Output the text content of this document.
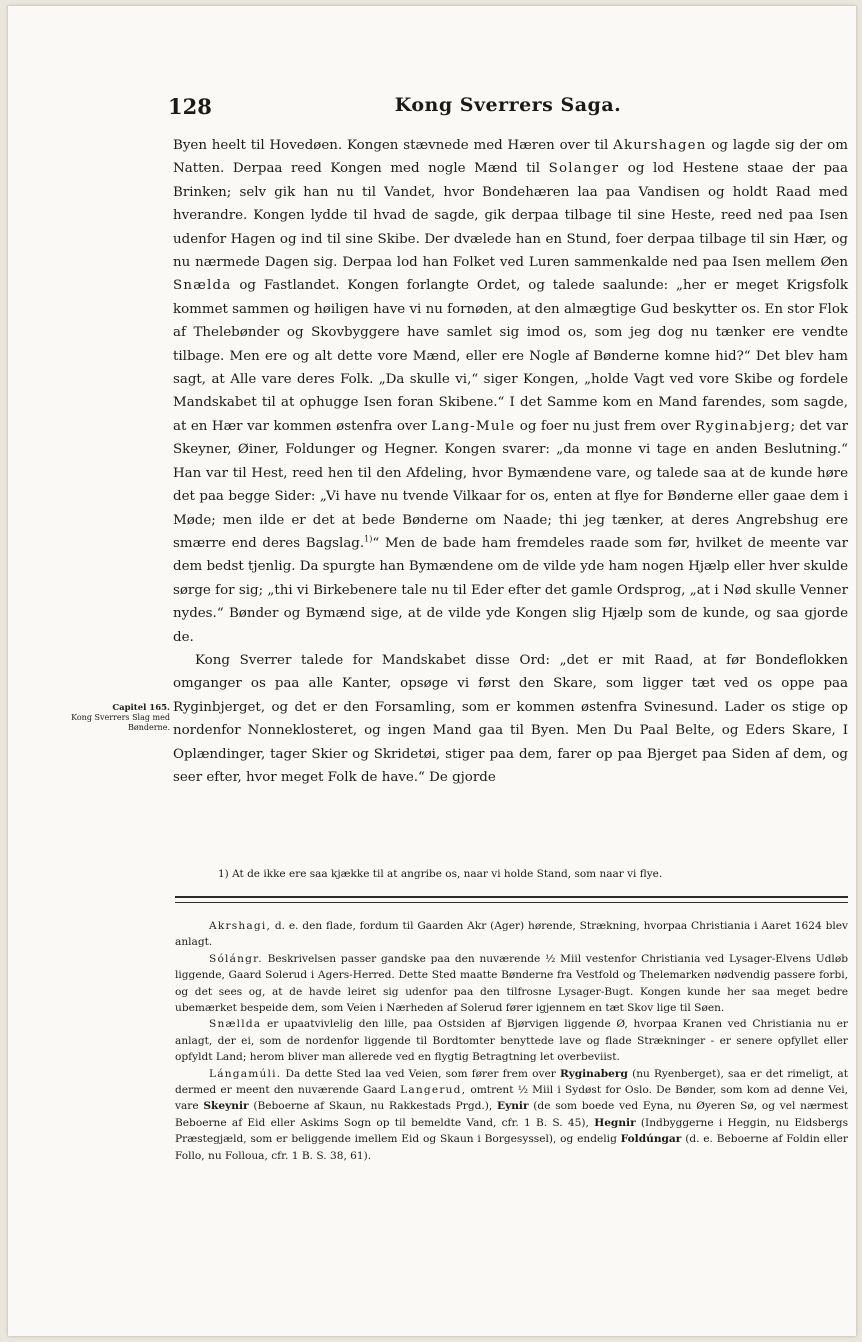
128	Kong Sverrers Saga.

Byen heelt til Hovedøen. Kongen stævnede med Hæren over til Akurshagen og lagde sig der om Natten. Derpaa reed Kongen med nogle Mænd til Solanger og lod Hestene staae der paa Brinken; selv gik han nu til Vandet, hvor Bondehæren laa paa Vandisen og holdt Raad med hverandre. Kongen lydde til hvad de sagde, gik derpaa tilbage til sine Heste, reed ned paa Isen udenfor Hagen og ind til sine Skibe. Der dvælede han en Stund, foer derpaa tilbage til sin Hær, og nu nærmede Dagen sig. Derpaa lod han Folket ved Luren sammenkalde ned paa Isen mellem Øen Snælda og Fastlandet. Kongen forlangte Ordet, og talede saalunde: „her er meget Krigsfolk kommet sammen og høiligen have vi nu fornøden, at den almægtige Gud beskytter os. En stor Flok af Thelebønder og Skovbyggere have samlet sig imod os, som jeg dog nu tænker ere vendte tilbage. Men ere og alt dette vore Mænd, eller ere Nogle af Bønderne komne hid?“ Det blev ham sagt, at Alle vare deres Folk. „Da skulle vi,“ siger Kongen, „holde Vagt ved vore Skibe og fordele Mandskabet til at ophugge Isen foran Skibene.“ I det Samme kom en Mand farendes, som sagde, at en Hær var kommen østenfra over Lang-Mule og foer nu just frem over Ryginabjerg; det var Skeyner, Øiner, Foldunger og Hegner. Kongen svarer: „da monne vi tage en anden Beslutning.“ Han var til Hest, reed hen til den Afdeling, hvor Bymændene vare, og talede saa at de kunde høre det paa begge Sider: „Vi have nu tvende Vilkaar for os, enten at flye for Bønderne eller gaae dem i Møde; men ilde er det at bede Bønderne om Naade; thi jeg tænker, at deres Angrebshug ere smærre end deres Bagslag.$^{1)}$“ Men de bade ham fremdeles raade som før, hvilket de meente var dem bedst tjenlig. Da spurgte han Bymændene om de vilde yde ham nogen Hjælp eller hver skulde sørge for sig; „thi vi Birkebenere tale nu til Eder efter det gamle Ordsprog, „at i Nød skulle Venner nydes.“ Bønder og Bymænd sige, at de vilde yde Kongen slig Hjælp som de kunde, og saa gjorde de.

Kong Sverrer talede for Mandskabet disse Ord: „det er mit Raad, at før Bondeflokken omganger os paa alle Kanter, opsøge vi først den Skare, som ligger tæt ved os oppe paa Ryginbjerget, og det er den Forsamling, som er kommen østenfra Svinesund. Lader os stige op nordenfor Nonneklosteret, og ingen Mand gaa til Byen. Men Du Paal Belte, og Eders Skare, I Oplændinger, tager Skier og Skridetøi, stiger paa dem, farer op paa Bjerget paa Siden af dem, og seer efter, hvor meget Folk de have.“ De gjorde

Capitel 165.
Kong Sverrers Slag med Bønderne.
1) At de ikke ere saa kjække til at angribe os, naar vi holde Stand, som naar vi flye.

Akrshagi, d. e. den flade, fordum til Gaarden Akr (Ager) hørende, Strækning, hvorpaa Christiania i Aaret 1624 blev anlagt.

Sólángr. Beskrivelsen passer gandske paa den nuværende ½ Miil vestenfor Christiania ved Lysager-Elvens Udløb liggende, Gaard Solerud i Agers-Herred. Dette Sted maatte Bønderne fra Vestfold og Thelemarken nødvendig passere forbi, og det sees og, at de havde leiret sig udenfor paa den tilfrosne Lysager-Bugt. Kongen kunde her saa meget bedre ubemærket bespeide dem, som Veien i Nærheden af Solerud fører igjennem en tæt Skov lige til Søen.

Snællda er upaatvivlelig den lille, paa Ostsiden af Bjørvigen liggende Ø, hvorpaa Kranen ved Christiania nu er anlagt, der ei, som de nordenfor liggende til Bordtomter benyttede lave og flade Strækninger - er senere opfyllet eller opfyldt Land; herom bliver man allerede ved en flygtig Betragtning let overbeviist.

Lángamúli. Da dette Sted laa ved Veien, som fører frem over Ryginaberg (nu Ryenberget), saa er det rimeligt, at dermed er meent den nuværende Gaard Langerud, omtrent ½ Miil i Sydøst for Oslo. De Bønder, som kom ad denne Vei, vare Skeynir (Beboerne af Skaun, nu Rakkestads Prgd.), Eynir (de som boede ved Eyna, nu Øyeren Sø, og vel nærmest Beboerne af Eid eller Askims Sogn op til bemeldte Vand, cfr. 1 B. S. 45), Hegnir (Indbyggerne i Heggin, nu Eidsbergs Præstegjæld, som er beliggende imellem Eid og Skaun i Borgesyssel), og endelig Foldúngar (d. e. Beboerne af Foldin eller Follo, nu Folloua, cfr. 1 B. S. 38, 61).
